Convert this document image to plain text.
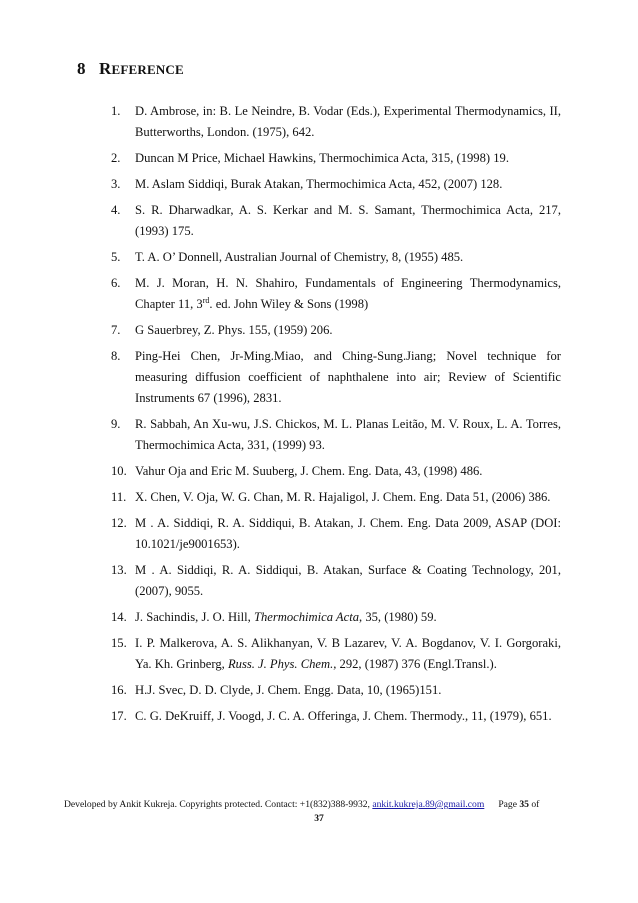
8 REFERENCE
1. D. Ambrose, in: B. Le Neindre, B. Vodar (Eds.), Experimental Thermodynamics, II, Butterworths, London. (1975), 642.
2. Duncan M Price, Michael Hawkins, Thermochimica Acta, 315, (1998) 19.
3. M. Aslam Siddiqi, Burak Atakan, Thermochimica Acta, 452, (2007) 128.
4. S. R. Dharwadkar, A. S. Kerkar and M. S. Samant, Thermochimica Acta, 217, (1993) 175.
5. T. A. O’ Donnell, Australian Journal of Chemistry, 8, (1955) 485.
6. M. J. Moran, H. N. Shahiro, Fundamentals of Engineering Thermodynamics, Chapter 11, 3rd. ed. John Wiley & Sons (1998)
7. G Sauerbrey, Z. Phys. 155, (1959) 206.
8. Ping-Hei Chen, Jr-Ming.Miao, and Ching-Sung.Jiang; Novel technique for measuring diffusion coefficient of naphthalene into air; Review of Scientific Instruments 67 (1996), 2831.
9. R. Sabbah, An Xu-wu, J.S. Chickos, M. L. Planas Leitão, M. V. Roux, L. A. Torres, Thermochimica Acta, 331, (1999) 93.
10. Vahur Oja and Eric M. Suuberg, J. Chem. Eng. Data, 43, (1998) 486.
11. X. Chen, V. Oja, W. G. Chan, M. R. Hajaligol, J. Chem. Eng. Data 51, (2006) 386.
12. M . A. Siddiqi, R. A. Siddiqui, B. Atakan, J. Chem. Eng. Data 2009, ASAP (DOI: 10.1021/je9001653).
13. M . A. Siddiqi, R. A. Siddiqui, B. Atakan, Surface & Coating Technology, 201, (2007), 9055.
14. J. Sachindis, J. O. Hill, Thermochimica Acta, 35, (1980) 59.
15. I. P. Malkerova, A. S. Alikhanyan, V. B Lazarev, V. A. Bogdanov, V. I. Gorgoraki, Ya. Kh. Grinberg, Russ. J. Phys. Chem., 292, (1987) 376 (Engl.Transl.).
16. H.J. Svec, D. D. Clyde, J. Chem. Engg. Data, 10, (1965)151.
17. C. G. DeKruiff, J. Voogd, J. C. A. Offeringa, J. Chem. Thermody., 11, (1979), 651.
Developed by Ankit Kukreja. Copyrights protected. Contact: +1(832)388-9932, ankit.kukreja.89@gmail.com Page 35 of
37
